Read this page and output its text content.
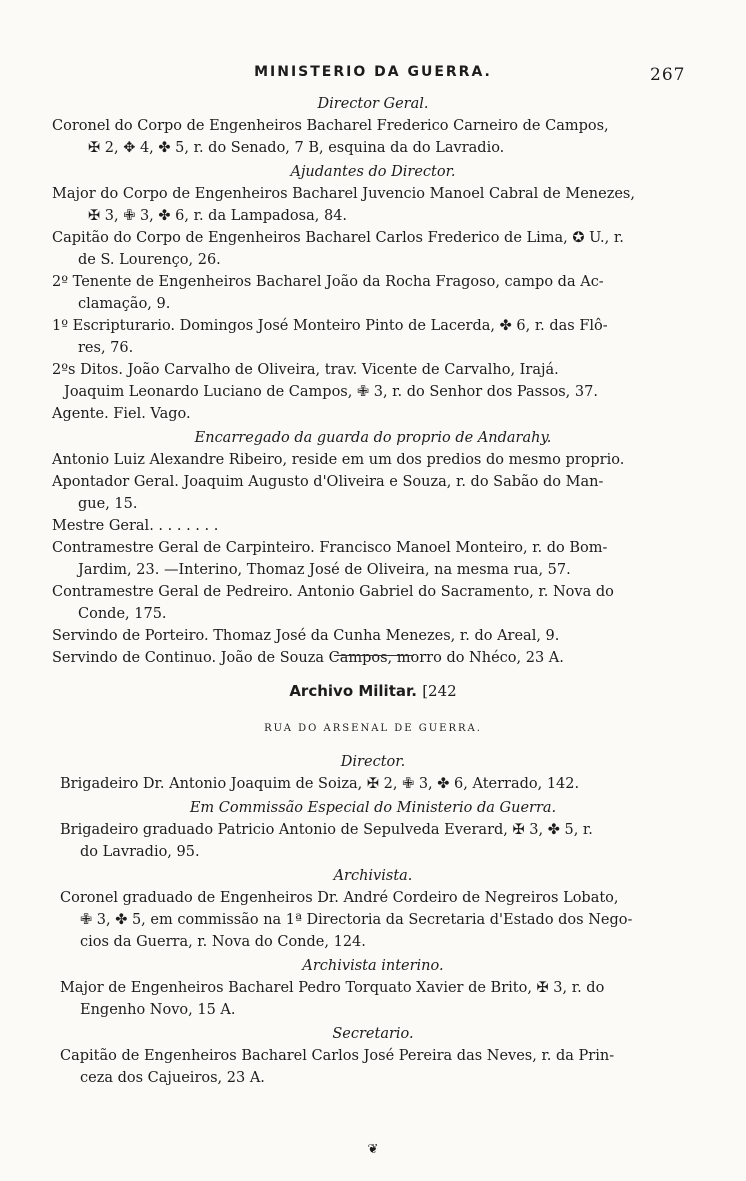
MINISTERIO DA GUERRA.	267
Director Geral.
Coronel do Corpo de Engenheiros Bacharel Frederico Carneiro de Campos,
✠ 2, ✥ 4, ✤ 5, r. do Senado, 7 B, esquina da do Lavradio.
Ajudantes do Director.
Major do Corpo de Engenheiros Bacharel Juvencio Manoel Cabral de Menezes,
✠ 3, ✙ 3, ✤ 6, r. da Lampadosa, 84.
Capitão do Corpo de Engenheiros Bacharel Carlos Frederico de Lima, ✪ U., r.
de S. Lourenço, 26.
2º Tenente de Engenheiros Bacharel João da Rocha Fragoso, campo da Ac-
clamação, 9.
1º Escripturario. Domingos José Monteiro Pinto de Lacerda, ✤ 6, r. das Flô-
res, 76.
2ºs Ditos. João Carvalho de Oliveira, trav. Vicente de Carvalho, Irajá.
Joaquim Leonardo Luciano de Campos, ✙ 3, r. do Senhor dos Passos, 37.
Agente. Fiel. Vago.
Encarregado da guarda do proprio de Andarahy.
Antonio Luiz Alexandre Ribeiro, reside em um dos predios do mesmo proprio.
Apontador Geral. Joaquim Augusto d'Oliveira e Souza, r. do Sabão do Man-
gue, 15.
Mestre Geral. . . . . . . .
Contramestre Geral de Carpinteiro. Francisco Manoel Monteiro, r. do Bom-
Jardim, 23. —Interino, Thomaz José de Oliveira, na mesma rua, 57.
Contramestre Geral de Pedreiro. Antonio Gabriel do Sacramento, r. Nova do
Conde, 175.
Servindo de Porteiro. Thomaz José da Cunha Menezes, r. do Areal, 9.
Servindo de Continuo. João de Souza Campos, morro do Nhéco, 23 A.
Archivo Militar. [242
RUA DO ARSENAL DE GUERRA.
Director.
Brigadeiro Dr. Antonio Joaquim de Soiza, ✠ 2, ✙ 3, ✤ 6, Aterrado, 142.
Em Commissão Especial do Ministerio da Guerra.
Brigadeiro graduado Patricio Antonio de Sepulveda Everard, ✠ 3, ✤ 5, r.
do Lavradio, 95.
Archivista.
Coronel graduado de Engenheiros Dr. André Cordeiro de Negreiros Lobato,
✙ 3, ✤ 5, em commissão na 1ª Directoria da Secretaria d'Estado dos Nego-
cios da Guerra, r. Nova do Conde, 124.
Archivista interino.
Major de Engenheiros Bacharel Pedro Torquato Xavier de Brito, ✠ 3, r. do
Engenho Novo, 15 A.
Secretario.
Capitão de Engenheiros Bacharel Carlos José Pereira das Neves, r. da Prin-
ceza dos Cajueiros, 23 A.
❦
